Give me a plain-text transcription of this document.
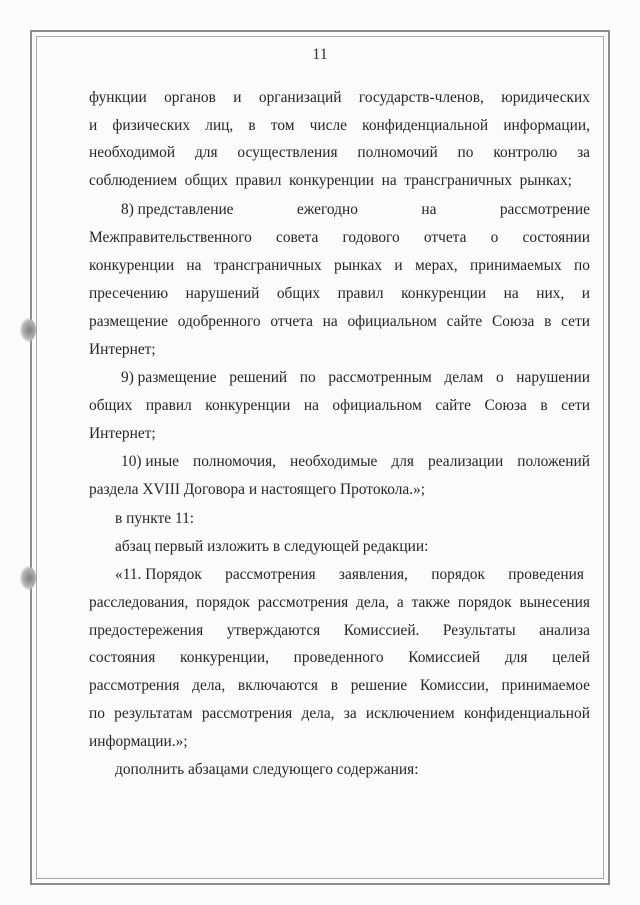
11
функции органов и организаций государств-членов, юридических
и физических лиц, в том числе конфиденциальной информации,
необходимой для осуществления полномочий по контролю за
соблюдением общих правил конкуренции на трансграничных рынках;
8) представление	ежегодно	на	рассмотрение
Межправительственного совета годового отчета о состоянии
конкуренции на трансграничных рынках и мерах, принимаемых по
пресечению нарушений общих правил конкуренции на них, и
размещение одобренного отчета на официальном сайте Союза в сети
Интернет;
9) размещение решений по рассмотренным делам о нарушении
общих правил конкуренции на официальном сайте Союза в сети
Интернет;
10) иные полномочия, необходимые для реализации положений
раздела XVIII Договора и настоящего Протокола.»;
в пункте 11:
абзац первый изложить в следующей редакции:
«11. Порядок рассмотрения заявления, порядок проведения
расследования, порядок рассмотрения дела, а также порядок вынесения
предостережения утверждаются Комиссией. Результаты анализа
состояния конкуренции, проведенного Комиссией для целей
рассмотрения дела, включаются в решение Комиссии, принимаемое
по результатам рассмотрения дела, за исключением конфиденциальной
информации.»;
дополнить абзацами следующего содержания:
